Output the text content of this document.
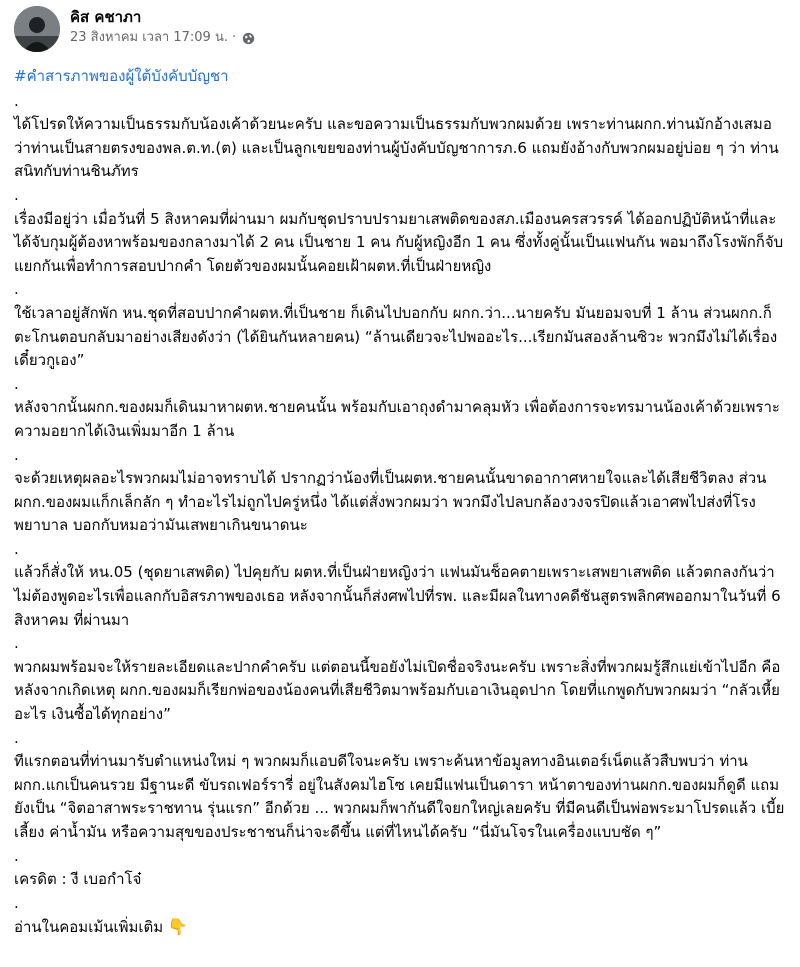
คิส คชาภา
23 สิงหาคม เวลา 17:09 น. ·
#คำสารภาพของผู้ใต้บังคับบัญชา
.

ได้โปรดให้ความเป็นธรรมกับน้องเค้าด้วยนะครับ และขอความเป็นธรรมกับพวกผมด้วย เพราะท่านผกก.ท่านมักอ้างเสมอว่าท่านเป็นสายตรงของพล.ต.ท.(ต) และเป็นลูกเขยของท่านผู้บังคับบัญชาการภ.6 แถมยังอ้างกับพวกผมอยู่บ่อย ๆ ว่า ท่านสนิทกับท่านชินภัทร

.

เรื่องมีอยู่ว่า เมื่อวันที่ 5 สิงหาคมที่ผ่านมา ผมกับชุดปราบปรามยาเสพติดของสภ.เมืองนครสวรรค์ ได้ออกปฏิบัติหน้าที่และได้จับกุมผู้ต้องหาพร้อมของกลางมาได้ 2 คน เป็นชาย 1 คน กับผู้หญิงอีก 1 คน ซึ่งทั้งคู่นั้นเป็นแฟนกัน พอมาถึงโรงพักก็จับแยกกันเพื่อทำการสอบปากคำ โดยตัวของผมนั้นคอยเฝ้าผตห.ที่เป็นฝ่ายหญิง

.

ใช้เวลาอยู่สักพัก หน.ชุดที่สอบปากคำผตห.ที่เป็นชาย ก็เดินไปบอกกับ ผกก.ว่า...นายครับ มันยอมจบที่ 1 ล้าน ส่วนผกก.ก็ตะโกนตอบกลับมาอย่างเสียงดังว่า (ได้ยินกันหลายคน) “ล้านเดียวจะไปพออะไร...เรียกมันสองล้านซิวะ พวกมึงไม่ได้เรื่อง เดี๋ยวกูเอง”

.

หลังจากนั้นผกก.ของผมก็เดินมาหาผตห.ชายคนนั้น พร้อมกับเอาถุงดำมาคลุมหัว เพื่อต้องการจะทรมานน้องเค้าด้วยเพราะความอยากได้เงินเพิ่มมาอีก 1 ล้าน

.

จะด้วยเหตุผลอะไรพวกผมไม่อาจทราบได้ ปรากฏว่าน้องที่เป็นผตห.ชายคนนั้นขาดอากาศหายใจและได้เสียชีวิตลง ส่วนผกก.ของผมแก็กเล็กลัก ๆ ทำอะไรไม่ถูกไปครู่หนึ่ง ได้แต่สั่งพวกผมว่า พวกมึงไปลบกล้องวงจรปิดแล้วเอาศพไปส่งที่โรงพยาบาล บอกกับหมอว่ามันเสพยาเกินขนาดนะ

.

แล้วก็สั่งให้ หน.05 (ชุดยาเสพติด) ไปคุยกับ ผตห.ที่เป็นฝ่ายหญิงว่า แฟนมันช็อคตายเพราะเสพยาเสพติด แล้วตกลงกันว่าไม่ต้องพูดอะไรเพื่อแลกกับอิสรภาพของเธอ หลังจากนั้นก็ส่งศพไปที่รพ. และมีผลในทางคดีชันสูตรพลิกศพออกมาในวันที่ 6 สิงหาคม ที่ผ่านมา

.

พวกผมพร้อมจะให้รายละเอียดและปากคำครับ แต่ตอนนี้ขอยังไม่เปิดชื่อจริงนะครับ เพราะสิ่งที่พวกผมรู้สึกแย่เข้าไปอีก คือ หลังจากเกิดเหตุ ผกก.ของผมก็เรียกพ่อของน้องคนที่เสียชีวิตมาพร้อมกับเอาเงินอุดปาก โดยที่แกพูดกับพวกผมว่า “กลัวเหี้ยอะไร เงินซื้อได้ทุกอย่าง”

.

ทีแรกตอนที่ท่านมารับตำแหน่งใหม่ ๆ พวกผมก็แอบดีใจนะครับ เพราะค้นหาข้อมูลทางอินเตอร์เน็ตแล้วสืบพบว่า ท่านผกก.แกเป็นคนรวย มีฐานะดี ขับรถเฟอร์รารี่ อยู่ในสังคมไฮโซ เคยมีแฟนเป็นดารา หน้าตาของท่านผกก.ของผมก็ดูดี แถมยังเป็น “จิตอาสาพระราชทาน รุ่นแรก” อีกด้วย ... พวกผมก็พากันดีใจยกใหญ่เลยครับ ที่มีคนดีเป็นพ่อพระมาโปรดแล้ว เบี้ยเลี้ยง ค่าน้ำมัน หรือความสุขของประชาชนก็น่าจะดีขึ้น แต่ที่ไหนได้ครับ “นี่มันโจรในเครื่องแบบชัด ๆ”

.

เครดิต : งี เบอกำโจ๋

.

อ่านในคอมเม้นเพิ่มเติม 👇
